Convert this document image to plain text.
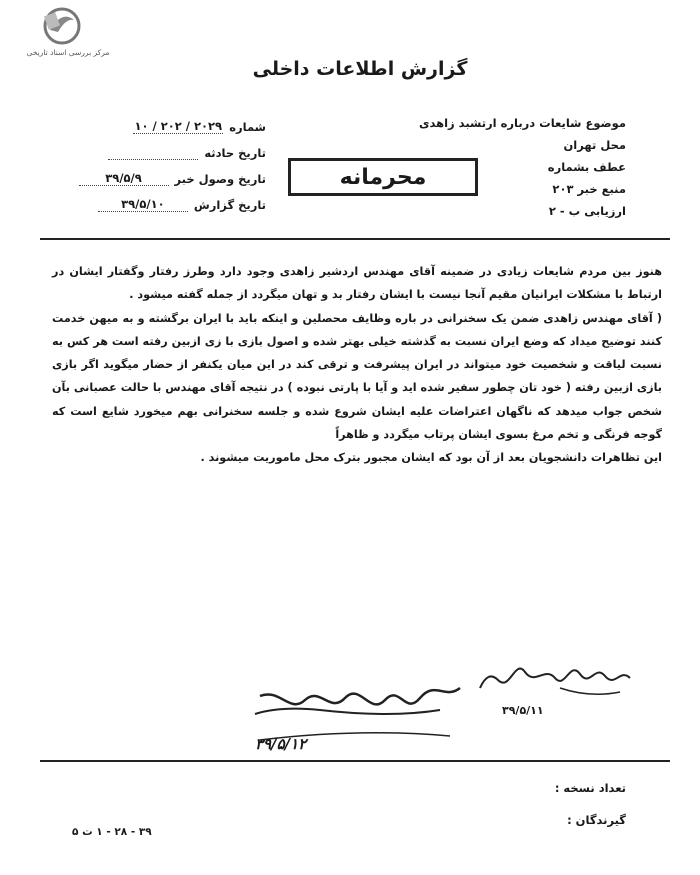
مرکز بررسی اسناد تاریخی
گزارش اطلاعات داخلی
موضوع
شایعات درباره ارتشبد زاهدی
محل
تهران
عطف بشماره
منبع خبر
۲۰۳
ارزیابی
ب - ۲
شماره
۲۰۲۹ / ۲۰۲ / ۱۰
تاریخ حادثه
تاریخ وصول خبر
۳۹/۵/۹
تاریخ گزارش
۳۹/۵/۱۰
محرمانه

هنوز بین مردم شایعات زیادی در ضمینه آقای مهندس اردشیر زاهدی وجود دارد وطرز رفتار وگفتار ایشان در ارتباط با مشکلات ایرانیان مقیم آنجا نیست با ایشان رفتار بد و تهان میگردد از جمله گفته میشود .

( آقای مهندس زاهدی ضمن یک سخنرانی در باره وظایف محصلین و اینکه باید با ایران برگشته و به میهن خدمت کنند توضیح میداد که وضع ایران نسبت به گذشته خیلی بهتر شده و اصول بازی با زی ازبین رفته است هر کس به نسبت لیاقت و شخصیت خود میتواند در ایران پیشرفت و ترقی کند در این میان یکنفر از حضار میگوید اگر بازی بازی ازبین رفته ( خود تان چطور سفیر شده اید و آیا با پارتی نبوده ) در نتیجه آقای مهندس با حالت عصبانی بآن شخص جواب میدهد که ناگهان اعتراضات علیه ایشان شروع شده و جلسه سخنرانی بهم میخورد شایع است که گوجه فرنگی و تخم مرغ بسوی ایشان پرتاب میگردد و ظاهراً

این تظاهرات دانشجویان بعد از آن بود که ایشان مجبور بترک محل ماموریت میشوند .

۳۹/۵/۱۱
۳۹/۵/۱۲
تعداد نسخه :
گیرندگان :
۳۹ - ۲۸ - ۱ ت ۵
